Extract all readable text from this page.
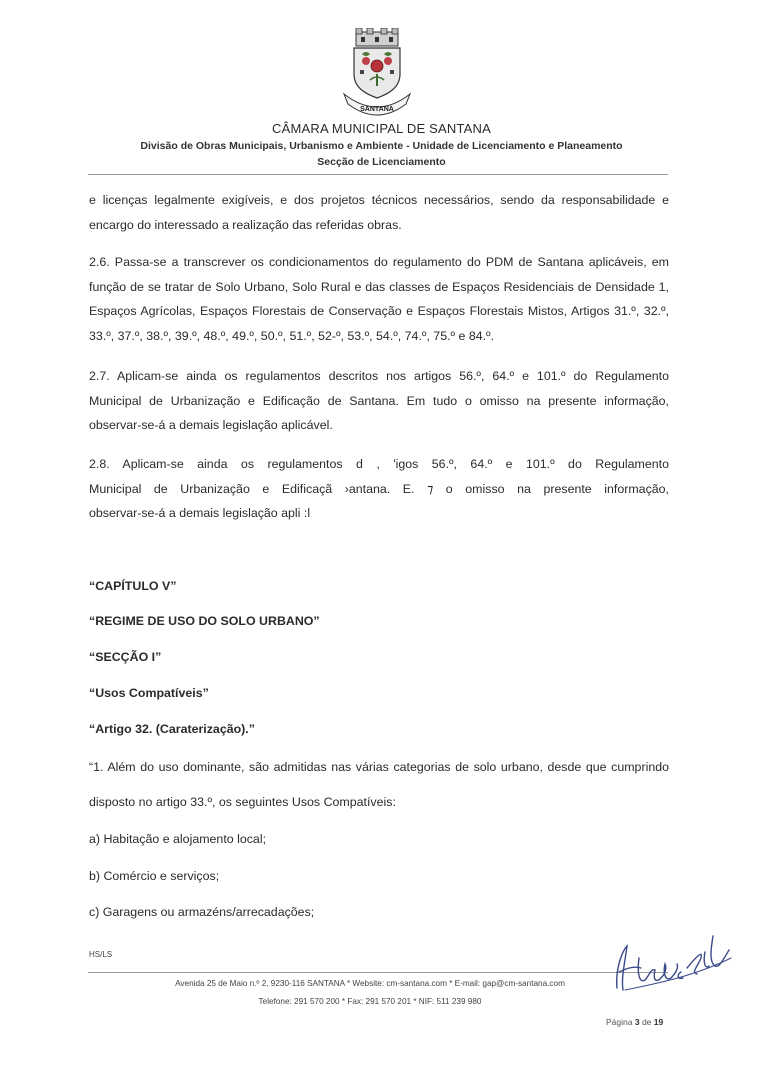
SANTANA
CÂMARA MUNICIPAL DE SANTANA
Divisão de Obras Municipais, Urbanismo e Ambiente - Unidade de Licenciamento e Planeamento
Secção de Licenciamento
e licenças legalmente exigíveis, e dos projetos técnicos necessários, sendo da responsabilidade e
encargo do interessado a realização das referidas obras.
2.6. Passa-se a transcrever os condicionamentos do regulamento do PDM de Santana aplicáveis, em
função de se tratar de Solo Urbano, Solo Rural e das classes de Espaços Residenciais de Densidade 1,
Espaços Agrícolas, Espaços Florestais de Conservação e Espaços Florestais Mistos, Artigos 31.º, 32.º,
33.º, 37.º, 38.º, 39.º, 48.º, 49.º, 50.º, 51.º, 52-º, 53.º, 54.º, 74.º, 75.º e 84.º.
2.7. Aplicam-se ainda os regulamentos descritos nos artigos 56.º, 64.º e 101.º do Regulamento
Municipal de Urbanização e Edificação de Santana. Em tudo o omisso na presente informação,
observar-se-á a demais legislação aplicável.
2.8. Aplicam-se ainda os regulamentos d , 'igos 56.º, 64.º e 101.º do Regulamento
Municipal de Urbanização e Edificaçã ›antana. E. ⁊ o omisso na presente informação,
observar-se-á a demais legislação apli :l
“CAPÍTULO V”
“REGIME DE USO DO SOLO URBANO”
“SECÇÃO I”
“Usos Compatíveis”
“Artigo 32. (Caraterização).”
“1. Além do uso dominante, são admitidas nas várias categorias de solo urbano, desde que cumprindo
disposto no artigo 33.º, os seguintes Usos Compatíveis:
a) Habitação e alojamento local;
b) Comércio e serviços;
c) Garagens ou armazéns/arrecadações;
HS/LS
Avenida 25 de Maio n.º 2, 9230-116 SANTANA * Website: cm-santana.com * E-mail: gap@cm-santana.com
Telefone: 291 570 200 * Fax: 291 570 201 * NIF: 511 239 980
Página 3 de 19
